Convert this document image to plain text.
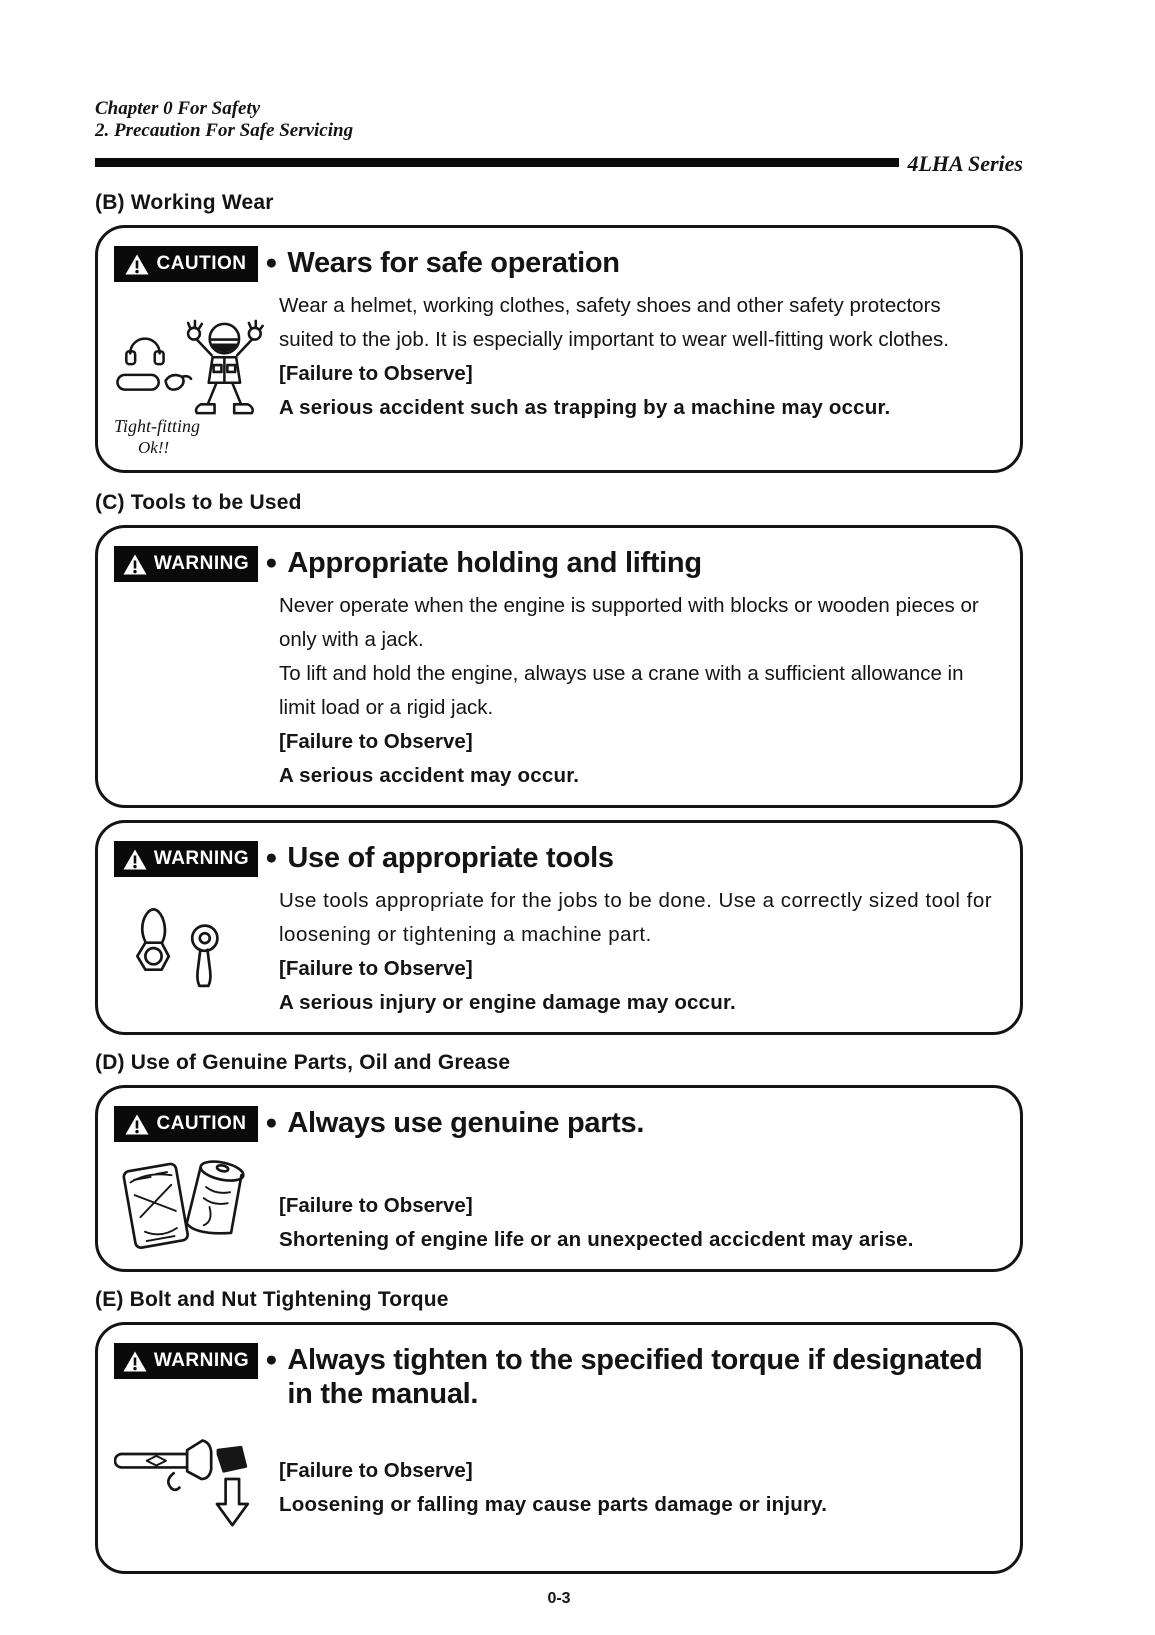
Chapter 0 For Safety
2. Precaution For Safe Servicing
4LHA Series
(B) Working Wear
CAUTION
Tight-fitting
Ok!!
● Wears for safe operation

Wear a helmet, working clothes, safety shoes and other safety protectors suited to the job. It is especially important to wear well-fitting work clothes.

[Failure to Observe]
A serious accident such as trapping by a machine may occur.
(C) Tools to be Used
WARNING ● Appropriate holding and lifting

Never operate when the engine is supported with blocks or wooden pieces or only with a jack.

To lift and hold the engine, always use a crane with a sufficient allowance in limit load or a rigid jack.

[Failure to Observe]
A serious accident may occur.
WARNING ● Use of appropriate tools

Use tools appropriate for the jobs to be done. Use a correctly sized tool for loosening or tightening a machine part.

[Failure to Observe]
A serious injury or engine damage may occur.
(D) Use of Genuine Parts, Oil and Grease
CAUTION ● Always use genuine parts.
[Failure to Observe]
Shortening of engine life or an unexpected accicdent may arise.
(E) Bolt and Nut Tightening Torque
WARNING ● Always tighten to the specified torque if designated in the manual.
[Failure to Observe]
Loosening or falling may cause parts damage or injury.
0-3
